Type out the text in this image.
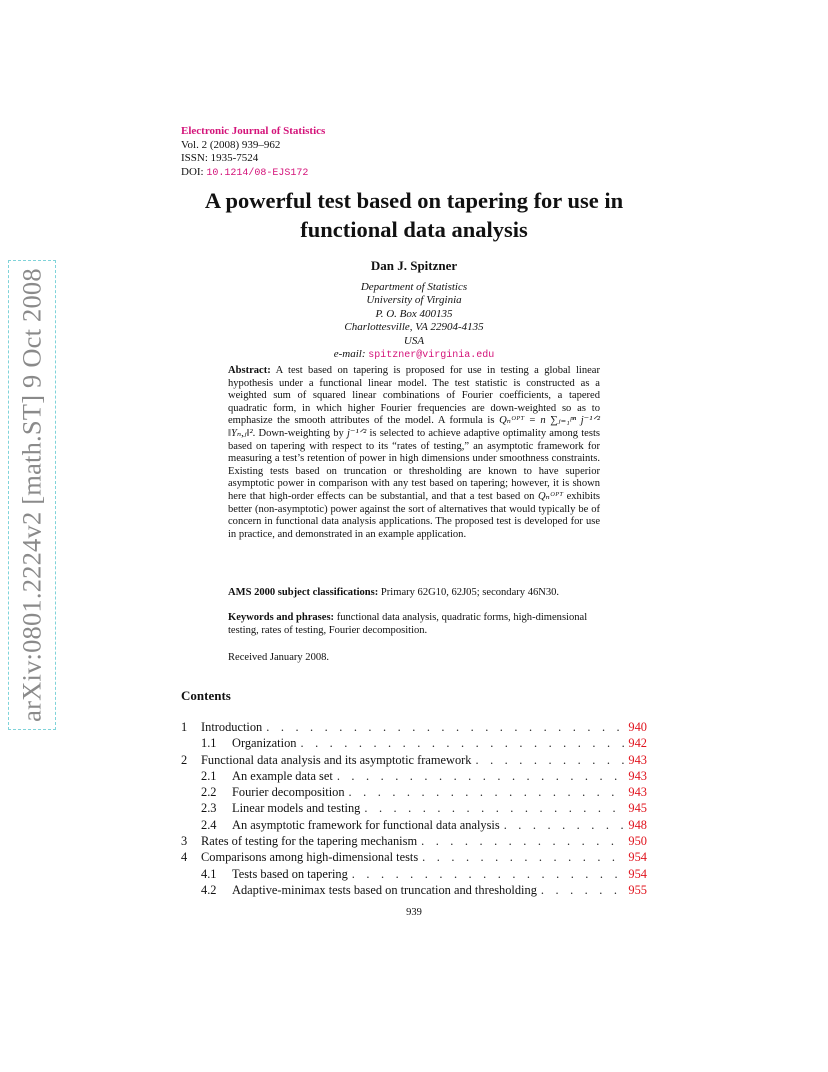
arXiv:0801.2224v2 [math.ST] 9 Oct 2008
Electronic Journal of Statistics
Vol. 2 (2008) 939–962
ISSN: 1935-7524
DOI: 10.1214/08-EJS172
A powerful test based on tapering for use in functional data analysis
Dan J. Spitzner
Department of Statistics
University of Virginia
P. O. Box 400135
Charlottesville, VA 22904-4135
USA
e-mail: spitzner@virginia.edu
Abstract: A test based on tapering is proposed for use in testing a global linear hypothesis under a functional linear model. The test statistic is constructed as a weighted sum of squared linear combinations of Fourier coefficients, a tapered quadratic form, in which higher Fourier frequencies are down-weighted so as to emphasize the smooth attributes of the model. A formula is Qₙᴼᴾᵀ = n ∑ⱼ₌₁ᵖⁿ j⁻¹ᐟ² ‖Yₙ,ⱼ‖². Down-weighting by j⁻¹ᐟ² is selected to achieve adaptive optimality among tests based on tapering with respect to its “rates of testing,” an asymptotic framework for measuring a test’s retention of power in high dimensions under smoothness constraints. Existing tests based on truncation or thresholding are known to have superior asymptotic power in comparison with any test based on tapering; however, it is shown here that high-order effects can be substantial, and that a test based on Qₙᴼᴾᵀ exhibits better (non-asymptotic) power against the sort of alternatives that would typically be of concern in functional data analysis applications. The proposed test is developed for use in practice, and demonstrated in an example application.
AMS 2000 subject classifications: Primary 62G10, 62J05; secondary 46N30.
Keywords and phrases: functional data analysis, quadratic forms, high-dimensional testing, rates of testing, Fourier decomposition.
Received January 2008.
Contents
1	Introduction . . .	940
1.1	Organization . . .	942
2	Functional data analysis and its asymptotic framework . . .	943
2.1	An example data set . . .	943
2.2	Fourier decomposition . . .	943
2.3	Linear models and testing . . .	945
2.4	An asymptotic framework for functional data analysis . . .	948
3	Rates of testing for the tapering mechanism . . .	950
4	Comparisons among high-dimensional tests . . .	954
4.1	Tests based on tapering . . .	954
4.2	Adaptive-minimax tests based on truncation and thresholding . . .	955
939
